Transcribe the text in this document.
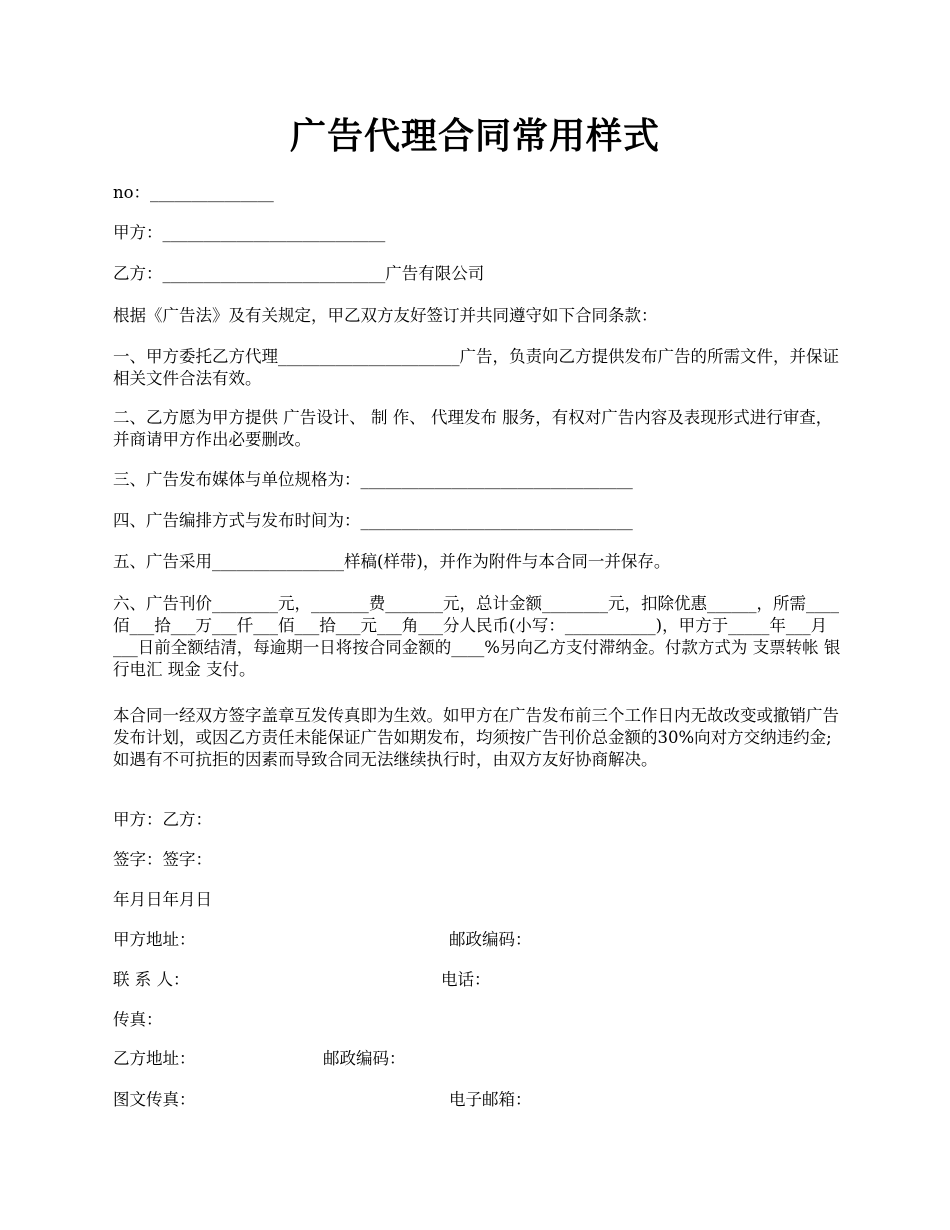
广告代理合同常用样式
no：_______________
甲方：___________________________
乙方：___________________________广告有限公司
根据《广告法》及有关规定，甲乙双方友好签订并共同遵守如下合同条款：
一、甲方委托乙方代理______________________广告，负责向乙方提供发布广告的所需文件，并保证相关文件合法有效。
二、乙方愿为甲方提供 广告设计、 制 作、 代理发布 服务，有权对广告内容及表现形式进行审查，并商请甲方作出必要删改。
三、广告发布媒体与单位规格为：_________________________________
四、广告编排方式与发布时间为：_________________________________
五、广告采用________________样稿(样带)，并作为附件与本合同一并保存。
六、广告刊价________元，_______费_______元，总计金额________元，扣除优惠______，所需____佰___拾___万___仟___佰___拾___元___角___分人民币(小写：___________)，甲方于_____年___月___日前全额结清，每逾期一日将按合同金额的____%另向乙方支付滞纳金。付款方式为 支票转帐 银行电汇 现金 支付。
本合同一经双方签字盖章互发传真即为生效。如甲方在广告发布前三个工作日内无故改变或撤销广告发布计划，或因乙方责任未能保证广告如期发布，均须按广告刊价总金额的30%向对方交纳违约金;如遇有不可抗拒的因素而导致合同无法继续执行时，由双方友好协商解决。
甲方：乙方：
签字：签字：
年月日年月日
甲方地址：	邮政编码：
联 系 人：	电话：
传真：
乙方地址：	邮政编码：
图文传真：	电子邮箱：
